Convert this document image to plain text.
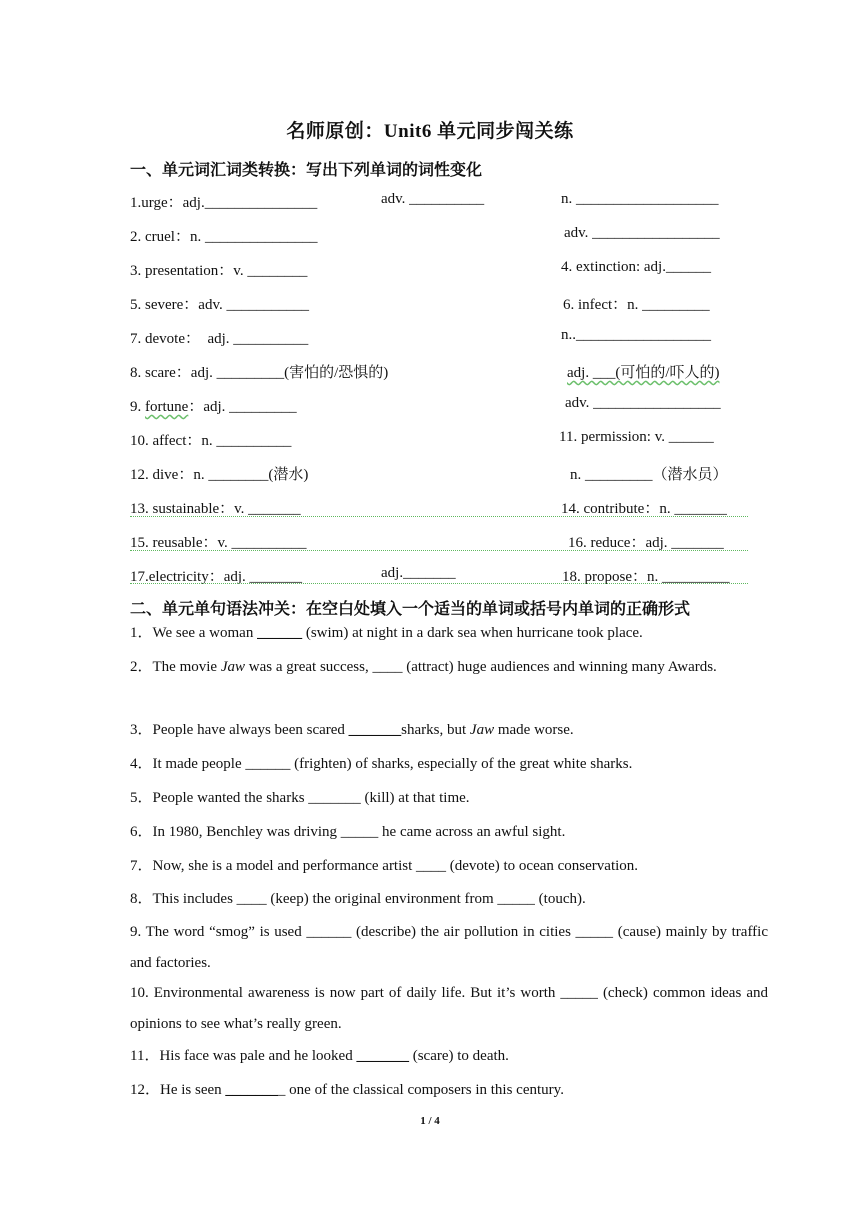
名师原创：Unit6 单元同步闯关练
一、单元词汇词类转换：写出下列单词的词性变化
1.urge：adj._______________	adv. __________	n. ___________________
2. cruel：n. _______________	adv. _________________
3. presentation：v. ________	4. extinction: adj.______
5. severe：adv. ___________	6. infect：n. _________
7. devote：  adj. __________	n..__________________
8. scare：adj. _________(害怕的/恐惧的)	adj. ___(可怕的/吓人的)
9. fortune：adj. _________	adv. _________________
10. affect：n. __________	11. permission: v. ______
12. dive：n. ________(潜水)	n. _________（潜水员）
13. sustainable：v. _______	14. contribute：n. _______
15. reusable：v. __________	16. reduce：adj. _______
17.electricity：adj. _______	adj._______	18. propose：n. _________
二、单元单句语法冲关：在空白处填入一个适当的单词或括号内单词的正确形式
1．We see a woman ______ (swim) at night in a dark sea when hurricane took place.
2．The movie Jaw was a great success, ____ (attract) huge audiences and winning many Awards.
3．People have always been scared _______sharks, but Jaw made worse.
4．It made people ______ (frighten) of sharks, especially of the great white sharks.
5．People wanted the sharks _______ (kill) at that time.
6．In 1980, Benchley was driving _____ he came across an awful sight.
7．Now, she is a model and performance artist ____ (devote) to ocean conservation.
8．This includes ____ (keep) the original environment from _____ (touch).
9. The word “smog” is used ______ (describe) the air pollution in cities _____ (cause) mainly by traffic and factories.
10. Environmental awareness is now part of daily life. But it’s worth _____ (check) common ideas and opinions to see what’s really green.
11．His face was pale and he looked _______ (scare) to death.
12．He is seen ________ one of the classical composers in this century.
1 / 4
